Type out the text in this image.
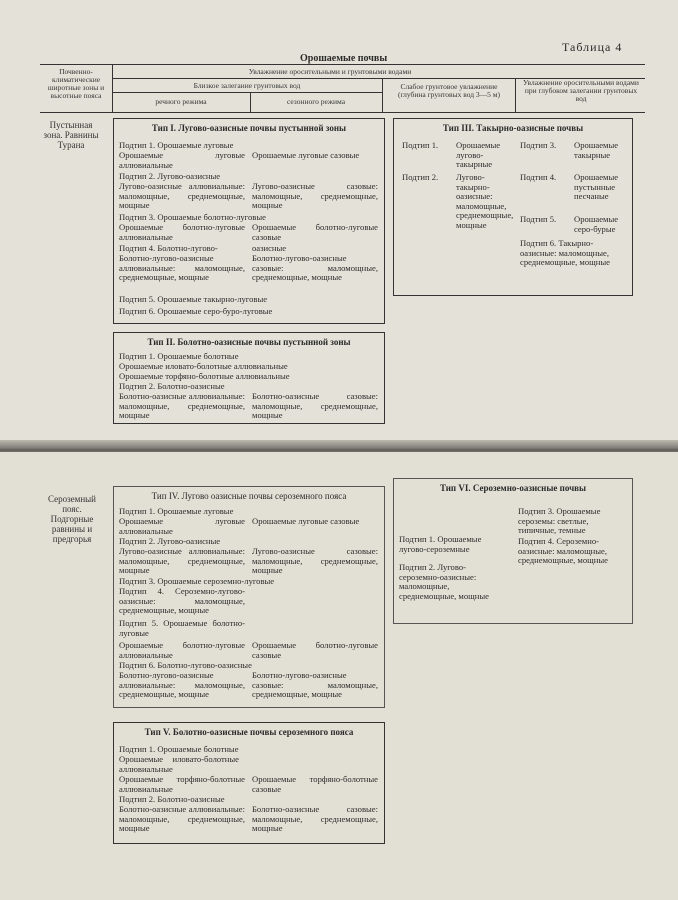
Таблица 4
Орошаемые почвы
Почвенно-климатические широтные зоны и высотные пояса
Увлажнение оросительными и грунтовыми водами
Близкое залегание грунтовых вод
речного режима	сезонного режима
Слабое грунтовое увлажнение (глубина грунтовых вод 3—5 м)
Увлажнение оросительными водами при глубоком залегании грунтовых вод
Пустынная зона. Равнины Турана
Тип I. Лугово-оазисные почвы пустынной зоны
Подтип 1. Орошаемые луговые
Орошаемые луговые аллювиальные
Орошаемые луговые сазовые
Подтип 2. Лугово-оазисные
Лугово-оазисные аллювиальные: маломощные, среднемощные, мощные
Лугово-оазисные сазовые: маломощные, среднемощные, мощные
Подтип 3. Орошаемые болотно-луговые
Орошаемые болотно-луговые аллювиальные
Орошаемые болотно-луговые сазовые
Подтип 4. Болотно-лугово-	оазисные
Болотно-лугово-оазисные аллювиальные: маломощные, среднемощные, мощные
Болотно-лугово-оазисные сазовые: маломощные, среднемощные, мощные
Подтип 5. Орошаемые такырно-луговые
Подтип 6. Орошаемые серо-буро-луговые
Тип II. Болотно-оазисные почвы пустынной зоны
Подтип 1. Орошаемые болотные
Орошаемые иловато-болотные аллювиальные
Орошаемые торфяно-болотные аллювиальные
Подтип 2. Болотно-оазисные
Болотно-оазисные аллювиальные: маломощные, среднемощные, мощные
Болотно-оазисные сазовые: маломощные, среднемощные, мощные
Тип III. Такырно-оазисные почвы
Подтип 1. Орошаемые лугово-такырные
Подтип 2. Лугово-такырно-оазисные: маломощные, среднемощные, мощные
Подтип 3. Орошаемые такырные
Подтип 4. Орошаемые пустынные песчаные
Подтип 5. Орошаемые серо-бурые
Подтип 6. Такырно-оазисные: маломощные, среднемощные, мощные
Сероземный пояс. Подгорные равнины и предгорья
Тип IV. Лугово оазисные почвы сероземного пояса
Подтип 1. Орошаемые луговые
Орошаемые луговые аллювиальные
Орошаемые луговые сазовые
Подтип 2. Лугово-оазисные
Лугово-оазисные аллювиальные: маломощные, среднемощные, мощные
Лугово-оазисные сазовые: маломощные, среднемощные, мощные
Подтип 3. Орошаемые сероземно-луговые
Подтип 4. Сероземно-лугово-оазисные: маломощные, среднемощные, мощные
Подтип 5. Орошаемые болотно-луговые
Орошаемые болотно-луговые аллювиальные
Орошаемые болотно-луговые сазовые
Подтип 6. Болотно-лугово-оазисные
Болотно-лугово-оазисные аллювиальные: маломощные, среднемощные, мощные
Болотно-лугово-оазисные сазовые: маломощные, среднемощные, мощные
Тип V. Болотно-оазисные почвы сероземного пояса
Подтип 1. Орошаемые болотные
Орошаемые иловато-болотные аллювиальные
Орошаемые торфяно-болотные аллювиальные
Орошаемые торфяно-болотные сазовые
Подтип 2. Болотно-оазисные
Болотно-оазисные аллювиальные: маломощные, среднемощные, мощные
Болотно-оазисные сазовые: маломощные, среднемощные, мощные
Тип VI. Сероземно-оазисные почвы
Подтип 1. Орошаемые лугово-сероземные
Подтип 2. Лугово-сероземно-оазисные: маломощные, среднемощные, мощные
Подтип 3. Орошаемые сероземы: светлые, типичные, темные
Подтип 4. Сероземно-оазисные: маломощные, среднемощные, мощные
